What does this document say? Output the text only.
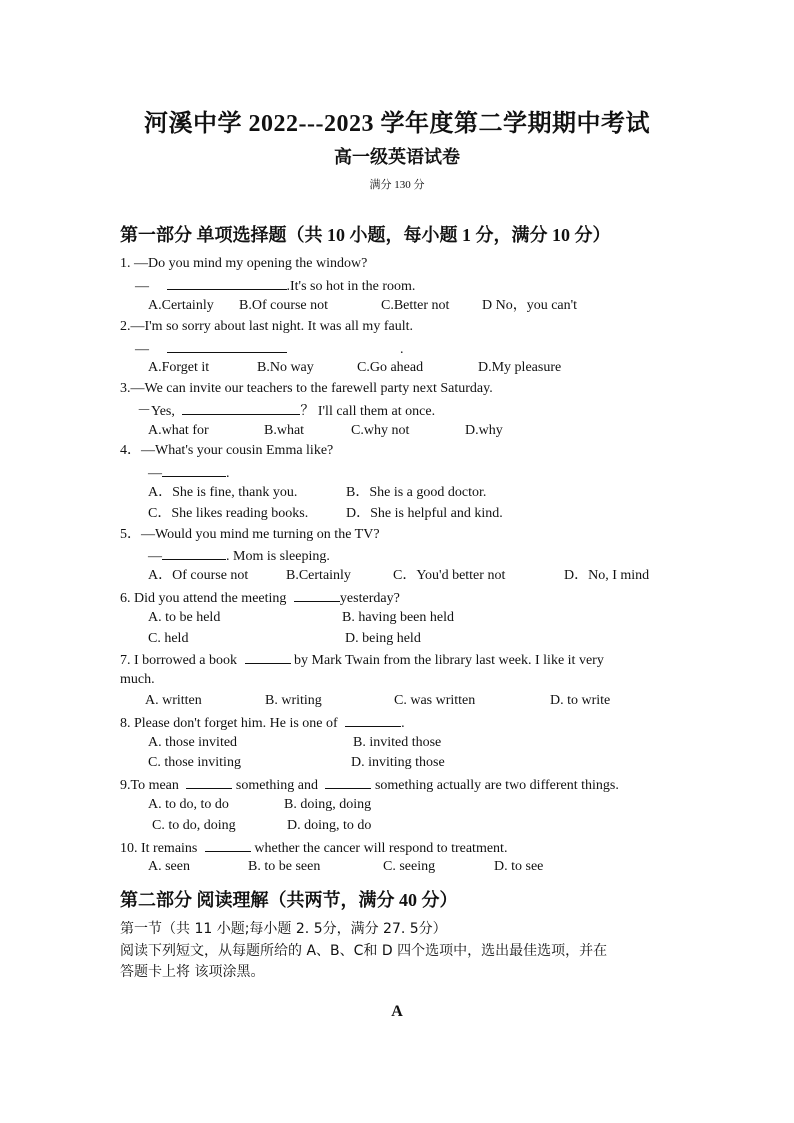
河溪中学 2022---2023 学年度第二学期期中考试
高一级英语试卷
满分 130 分
第一部分 单项选择题（共 10 小题，每小题 1 分，满分 10 分）
1. —Do you mind my opening the window?
—	.It's so hot in the room.
A.Certainly B.Of course not	C.Better not D No，you can't
2.—I'm so sorry about last night. It was all my fault.
—	.
A.Forget it	B.No way	C.Go ahead	D.My pleasure
3.—We can invite our teachers to the farewell party next Saturday.
－Yes,	？ I'll call them at once.
A.what for	B.what	C.why not	D.why
4．—What's your cousin Emma like?
—	.
A．She is fine, thank you.	B．She is a good doctor.
C．She likes reading books.	D．She is helpful and kind.
5．—Would you mind me turning on the TV?
—	. Mom is sleeping.
A．Of course not	B.Certainly	C．You'd better not	D．No, I mind
6. Did you attend the meeting	yesterday?
A. to be held	B. having been held
C. held	D. being held
7. I borrowed a book	by Mark Twain from the library last week. I like it very
much.
A. written	B. writing	C. was written	D. to write
8. Please don't forget him. He is one of	.
A. those invited	B. invited those
C. those inviting	D. inviting those
9.To mean	something and	something actually are two different things.
A. to do, to do	B. doing, doing
C. to do, doing	D. doing, to do
10. It remains	whether the cancer will respond to treatment.
A. seen	B. to be seen	C. seeing	D. to see
第二部分 阅读理解（共两节，满分 40 分）
第一节（共 11 小题;每小题 2. 5分，满分 27. 5分）
阅读下列短文，从每题所给的 A、B、C和 D 四个选项中，选出最佳选项，并在
答题卡上将 该项涂黑。
A
